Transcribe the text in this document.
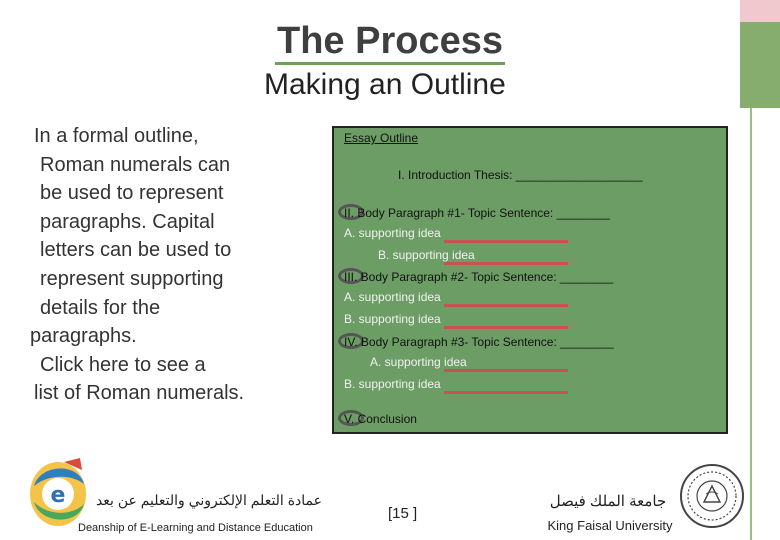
The Process
Making an Outline
In a formal outline,
Roman numerals can
be used to represent
paragraphs. Capital
letters can be used to
represent supporting
details for the
paragraphs.
Click here to see a
list of Roman numerals.
I. Introduction Thesis: ___________________
II. Body Paragraph #1- Topic Sentence: ________
A. supporting idea
B. supporting idea
III. Body Paragraph #2- Topic Sentence: ________
A. supporting idea
B. supporting idea
IV. Body Paragraph #3- Topic Sentence: ________
A. supporting idea
B. supporting idea
V. Conclusion
Essay Outline
e	عمادة التعلم الإلكتروني والتعليم عن بعد
Deanship of E-Learning and Distance Education
[15 ]
جامعة الملك فيصل
King Faisal University
